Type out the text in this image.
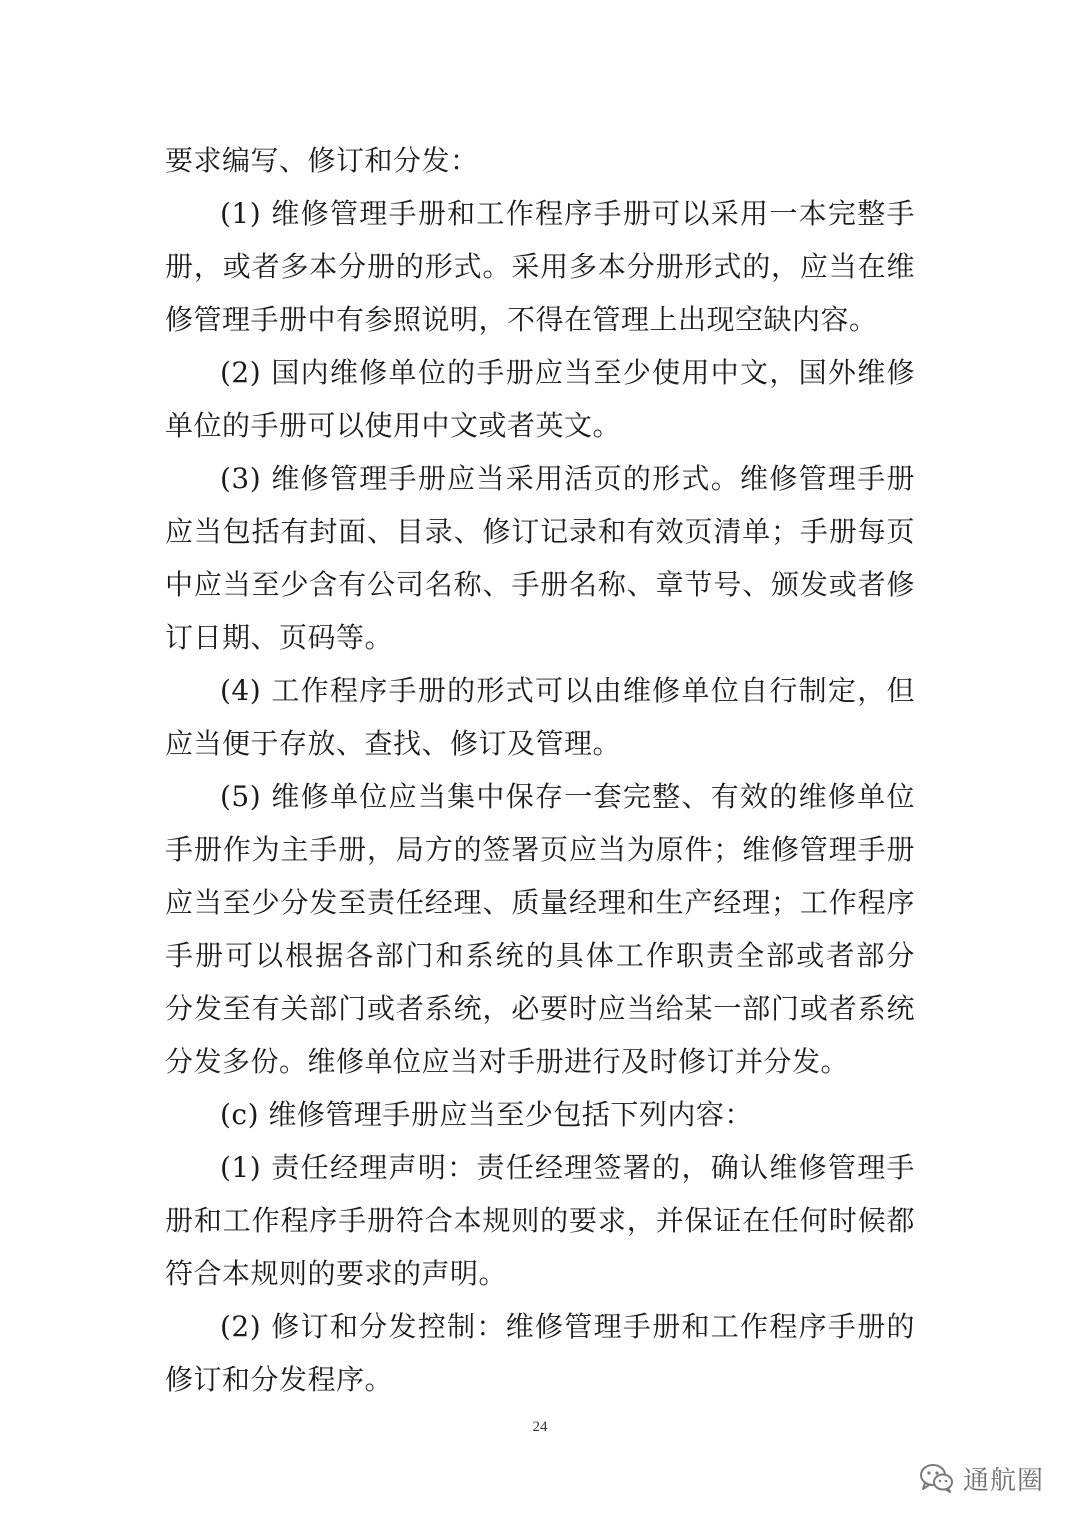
要求编写、修订和分发：
(1) 维修管理手册和工作程序手册可以采用一本完整手
册，或者多本分册的形式。采用多本分册形式的，应当在维
修管理手册中有参照说明，不得在管理上出现空缺内容。
(2) 国内维修单位的手册应当至少使用中文，国外维修
单位的手册可以使用中文或者英文。
(3) 维修管理手册应当采用活页的形式。维修管理手册
应当包括有封面、目录、修订记录和有效页清单；手册每页
中应当至少含有公司名称、手册名称、章节号、颁发或者修
订日期、页码等。
(4) 工作程序手册的形式可以由维修单位自行制定，但
应当便于存放、查找、修订及管理。
(5) 维修单位应当集中保存一套完整、有效的维修单位
手册作为主手册，局方的签署页应当为原件；维修管理手册
应当至少分发至责任经理、质量经理和生产经理；工作程序
手册可以根据各部门和系统的具体工作职责全部或者部分
分发至有关部门或者系统，必要时应当给某一部门或者系统
分发多份。维修单位应当对手册进行及时修订并分发。
(c) 维修管理手册应当至少包括下列内容：
(1) 责任经理声明：责任经理签署的，确认维修管理手
册和工作程序手册符合本规则的要求，并保证在任何时候都
符合本规则的要求的声明。
(2) 修订和分发控制：维修管理手册和工作程序手册的
修订和分发程序。
24
通航圈
